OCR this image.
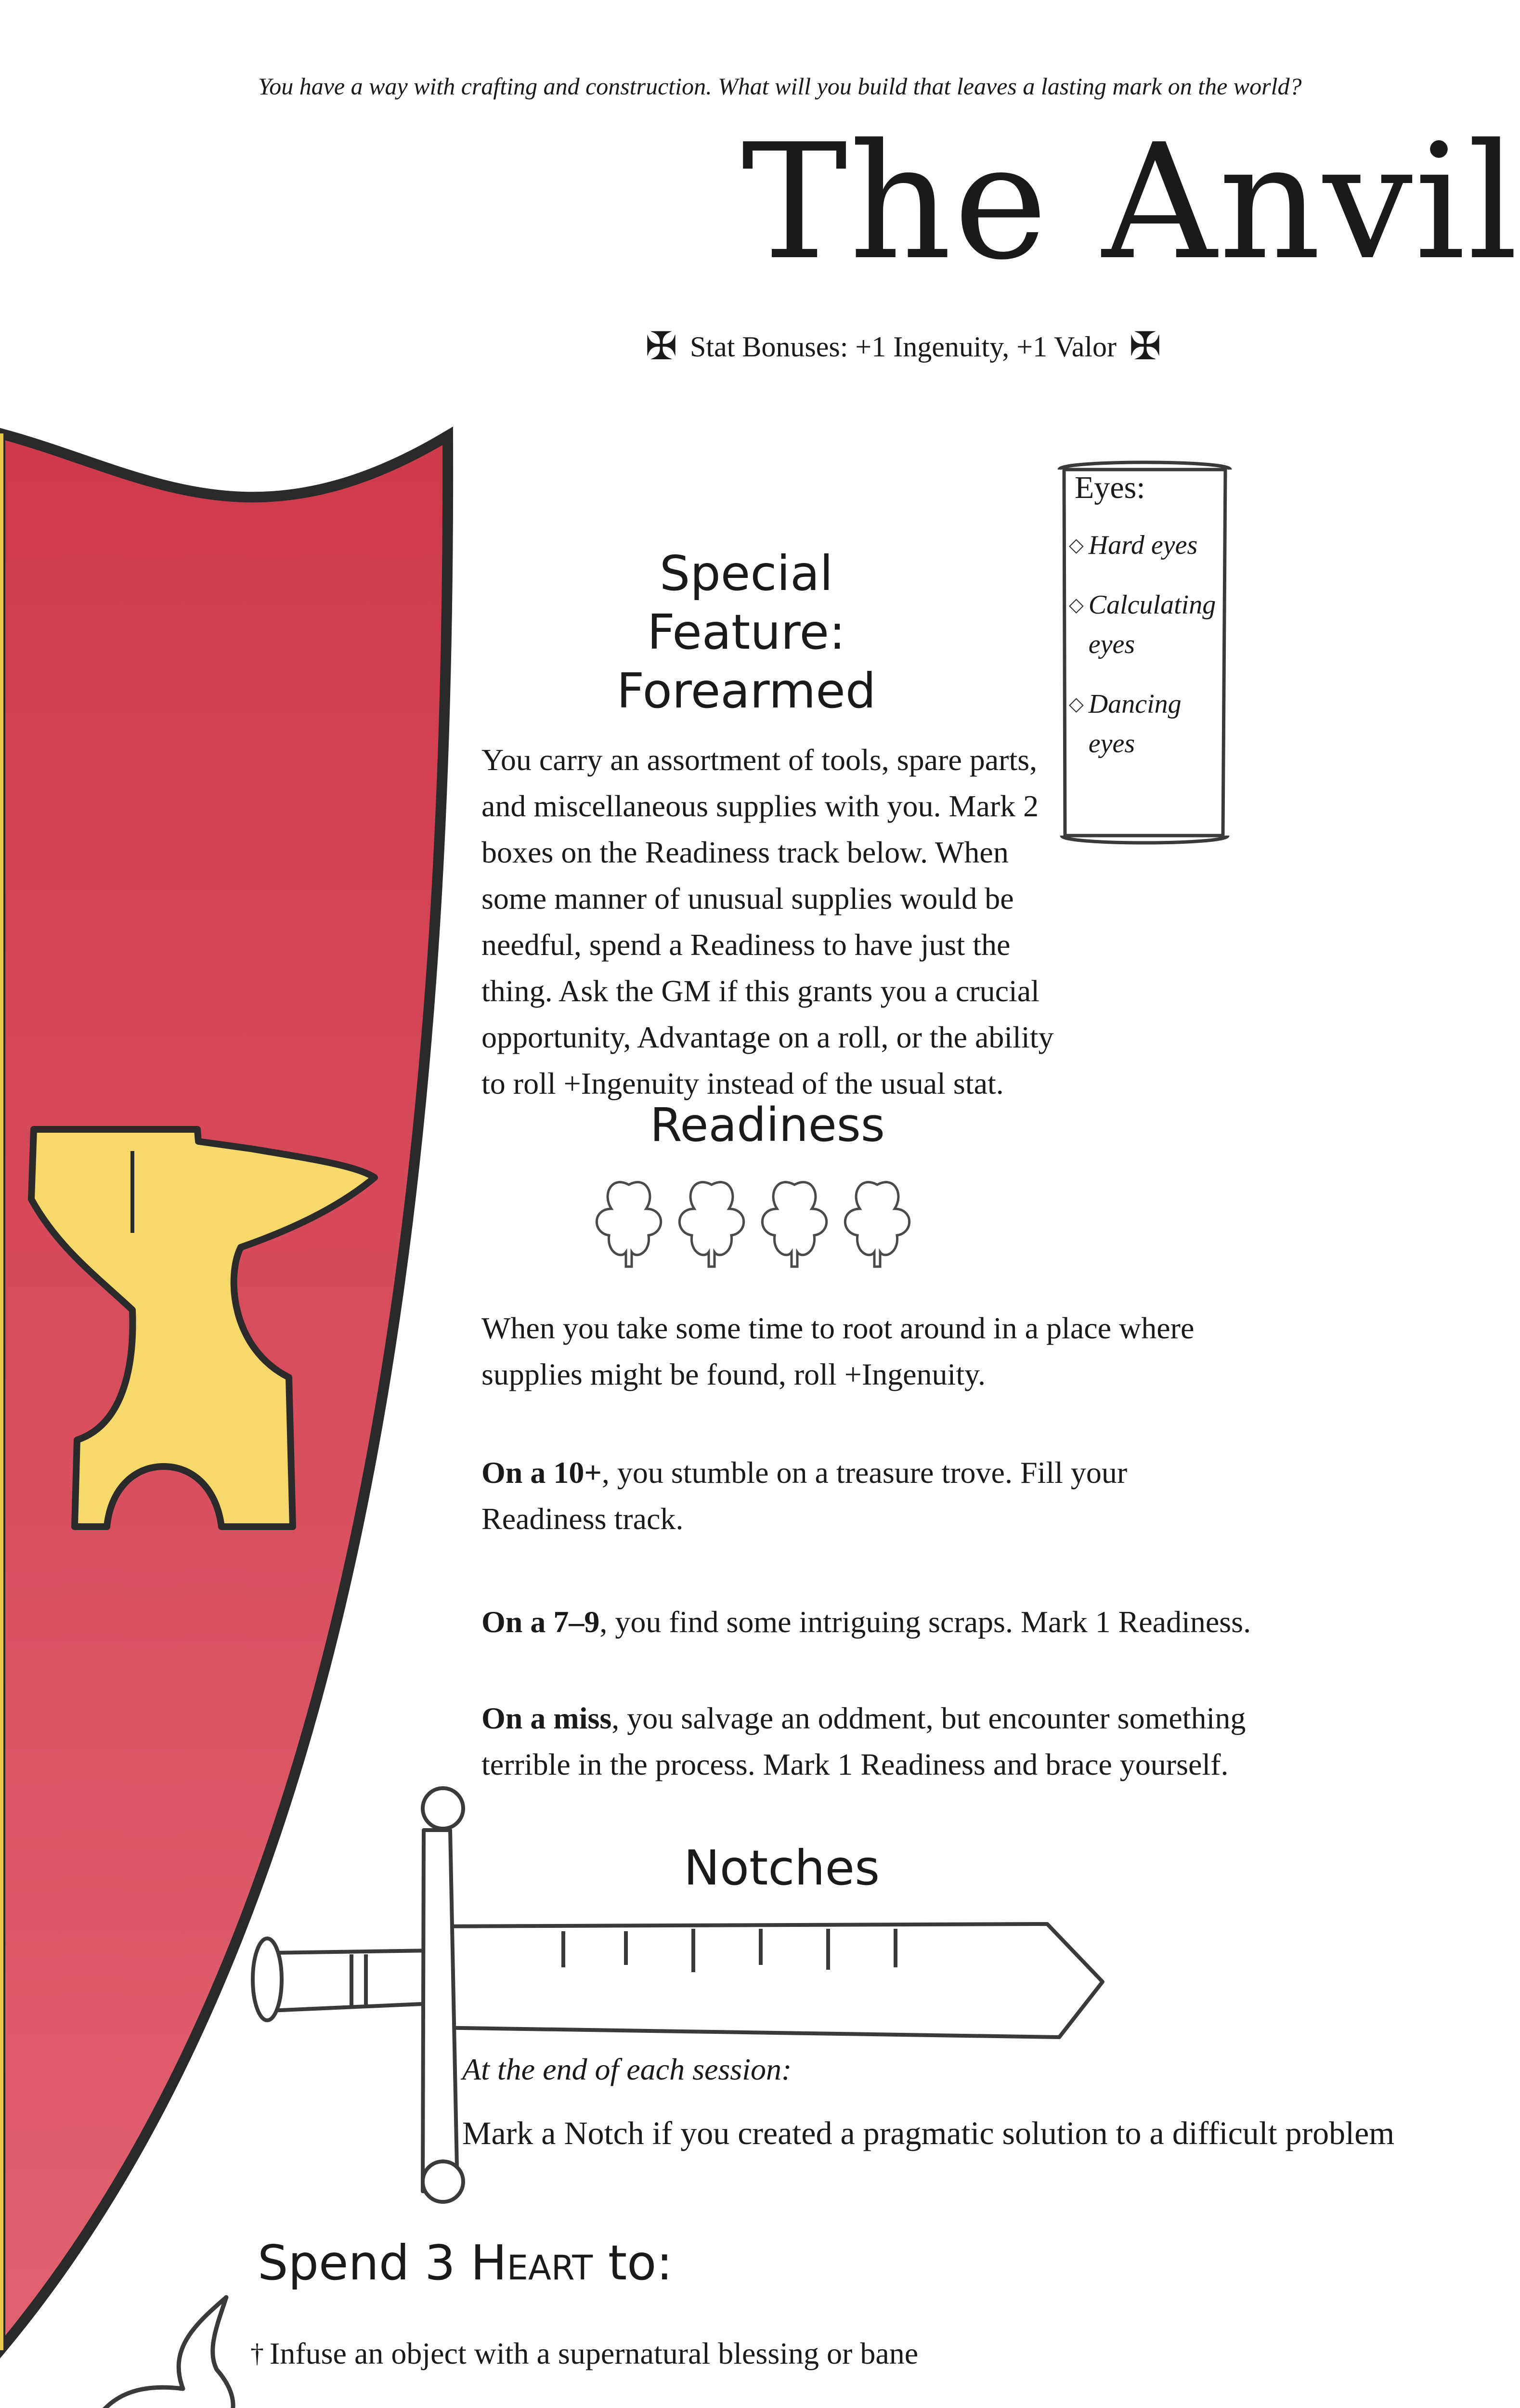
You have a way with crafting and construction. What will you build that leaves a lasting mark on the world?
The Anvil
✠ Stat Bonuses: +1 Ingenuity, +1 Valor ✠
Special Feature:
Forearmed
You carry an assortment of tools, spare parts, and miscellaneous supplies with you. Mark 2 boxes on the Readiness track below. When some manner of unusual supplies would be needful, spend a Readiness to have just the thing. Ask the GM if this grants you a crucial opportunity, Advantage on a roll, or the ability to roll +Ingenuity instead of the usual stat.
Eyes:
◇ Hard eyes
◇ Calculating eyes
◇ Dancing eyes
Readiness
When you take some time to root around in a place where supplies might be found, roll +Ingenuity.
On a 10+, you stumble on a treasure trove. Fill your Readiness track.
On a 7–9, you find some intriguing scraps. Mark 1 Readiness.
On a miss, you salvage an oddment, but encounter something terrible in the process. Mark 1 Readiness and brace yourself.
Notches
At the end of each session:
Mark a Notch if you created a pragmatic solution to a difficult problem
Spend 3 Heart to:
† Infuse an object with a supernatural blessing or bane
